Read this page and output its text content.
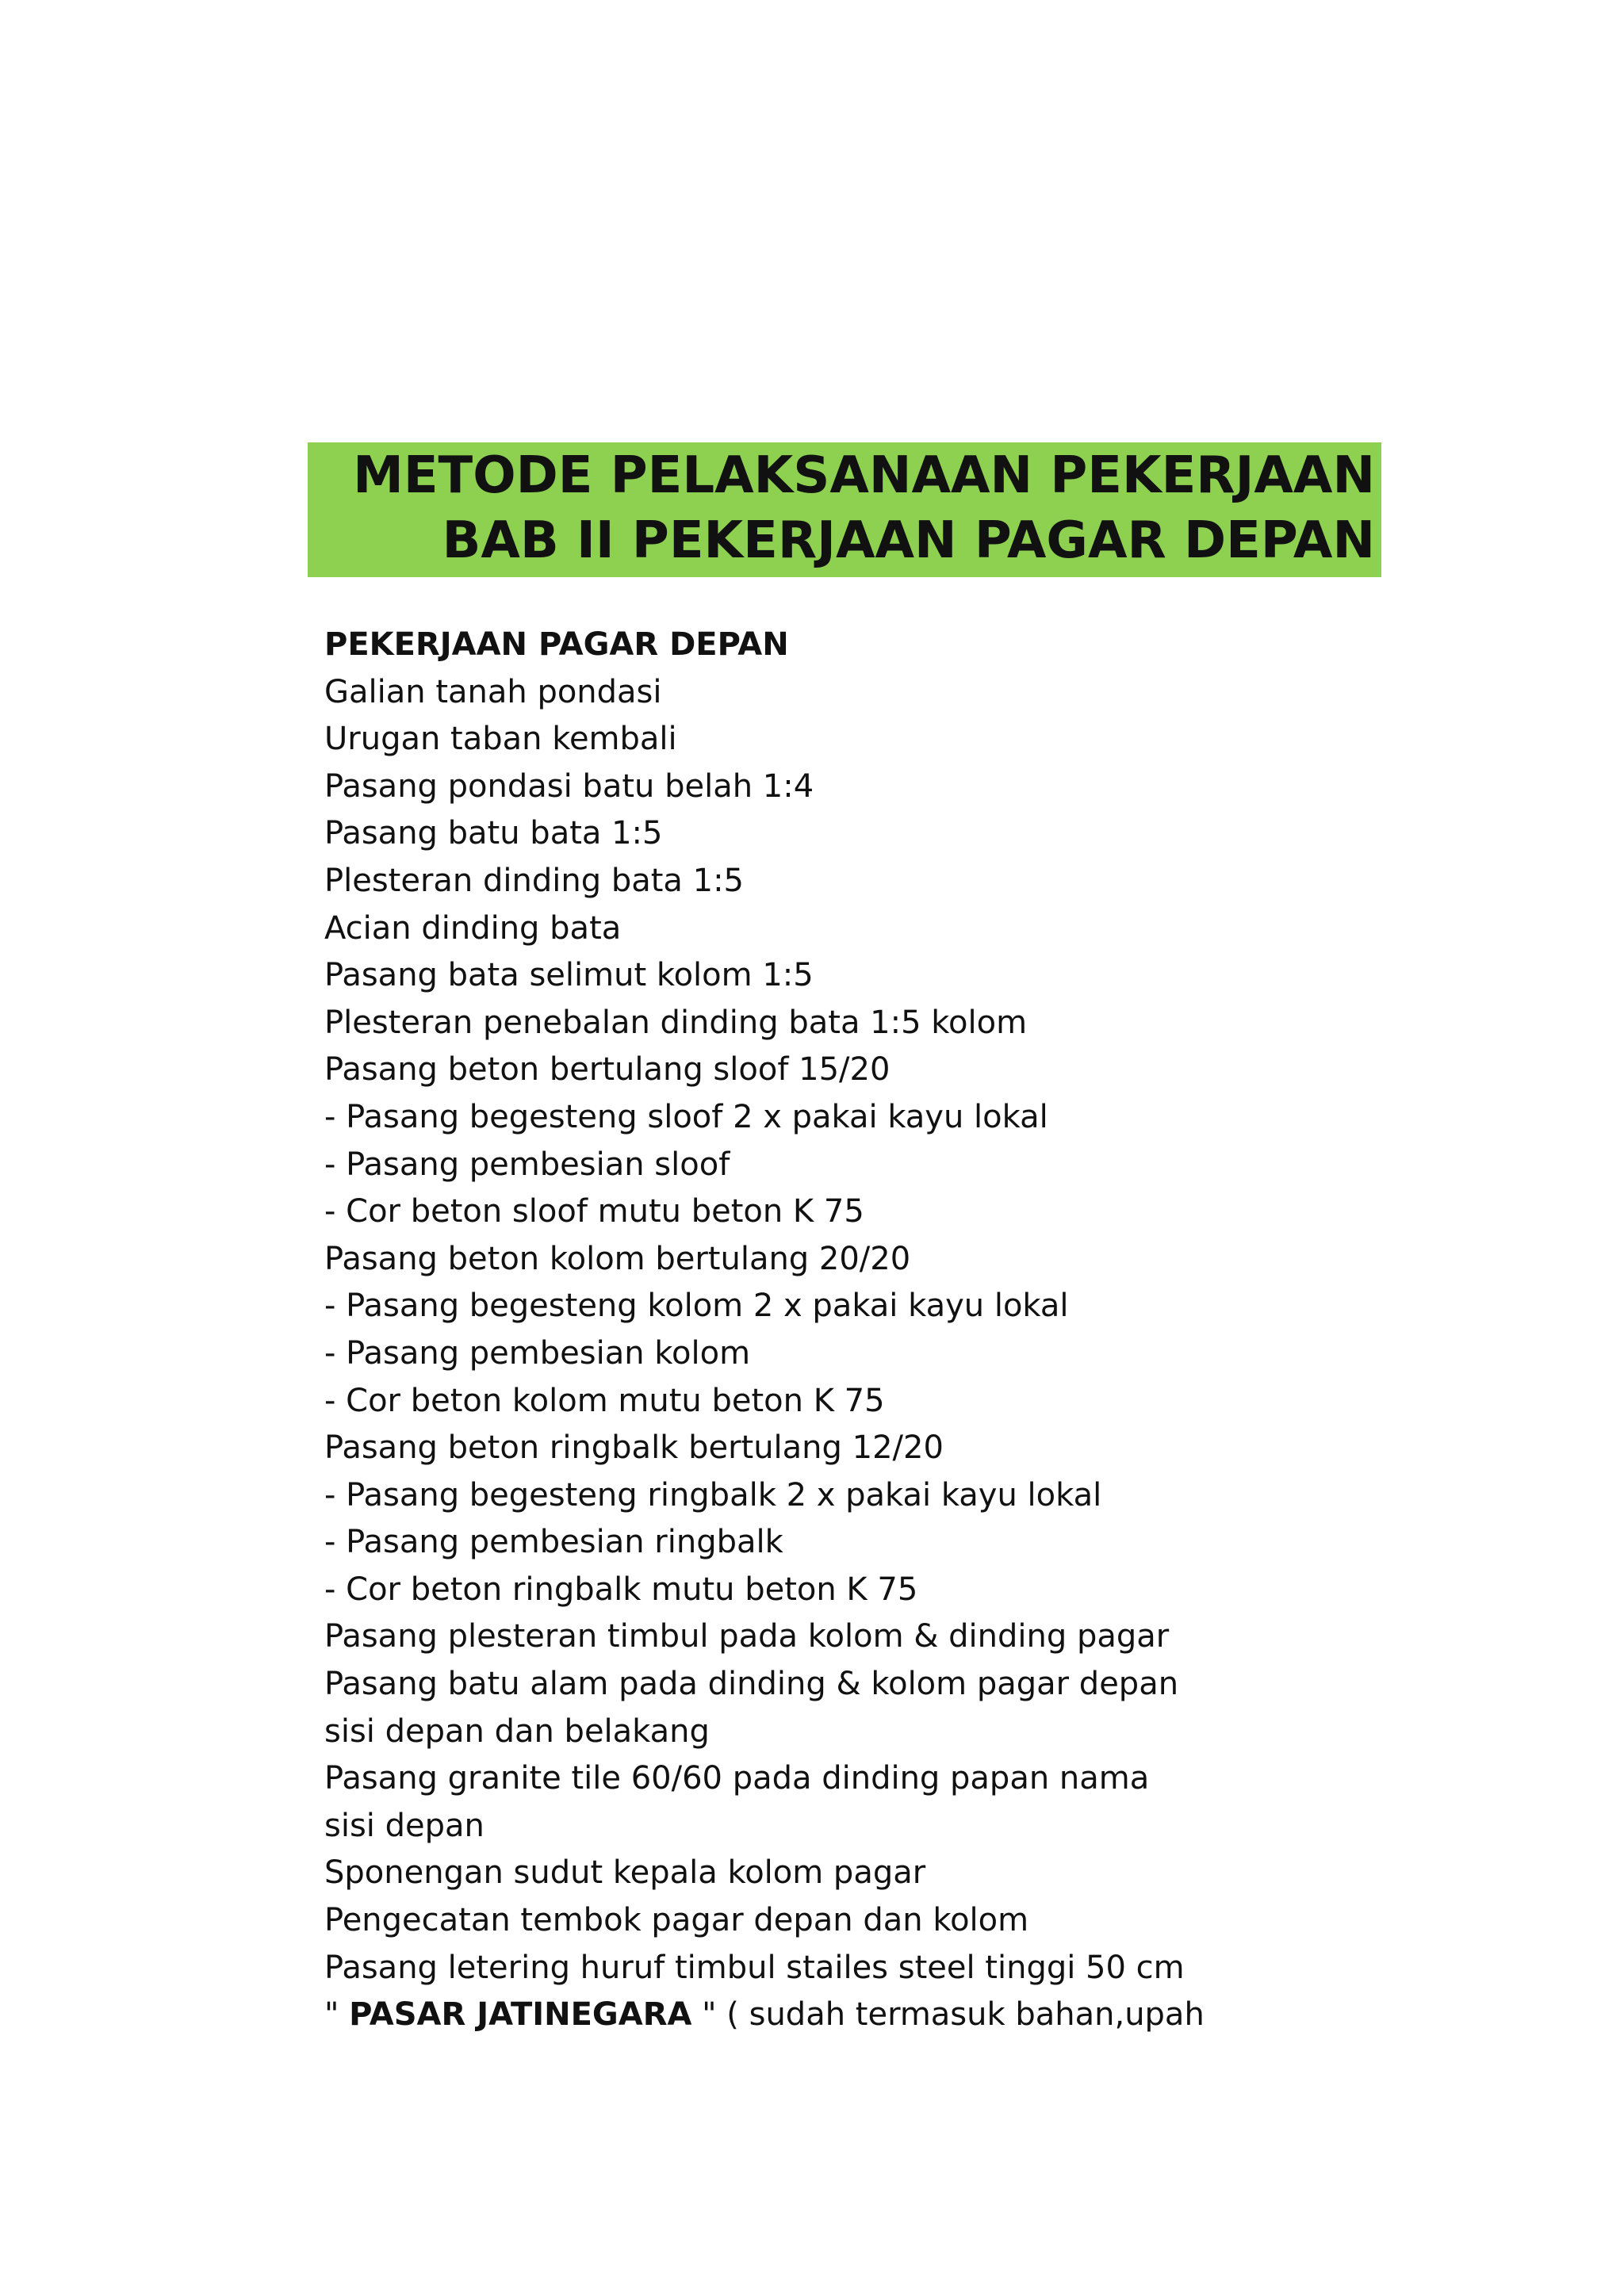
METODE PELAKSANAAN PEKERJAAN
BAB II PEKERJAAN PAGAR DEPAN
PEKERJAAN PAGAR DEPAN
Galian tanah pondasi
Urugan taban kembali
Pasang pondasi batu belah 1:4
Pasang batu bata 1:5
Plesteran dinding bata 1:5
Acian dinding bata
Pasang bata selimut kolom 1:5
Plesteran penebalan dinding bata 1:5 kolom
Pasang beton bertulang sloof 15/20
- Pasang begesteng sloof 2 x pakai kayu lokal
- Pasang pembesian sloof
- Cor beton sloof mutu beton K 75
Pasang beton kolom bertulang 20/20
- Pasang begesteng kolom 2 x pakai kayu lokal
- Pasang pembesian kolom
- Cor beton kolom mutu beton K 75
Pasang beton ringbalk bertulang 12/20
- Pasang begesteng ringbalk 2 x pakai kayu lokal
- Pasang pembesian ringbalk
- Cor beton ringbalk mutu beton K 75
Pasang plesteran timbul pada kolom & dinding pagar
Pasang batu alam pada dinding & kolom pagar depan
sisi depan dan belakang
Pasang granite tile 60/60 pada dinding papan nama
sisi depan
Sponengan sudut kepala kolom pagar
Pengecatan tembok pagar depan dan kolom
Pasang letering huruf timbul stailes steel tinggi 50 cm
" PASAR JATINEGARA " ( sudah termasuk bahan,upah
